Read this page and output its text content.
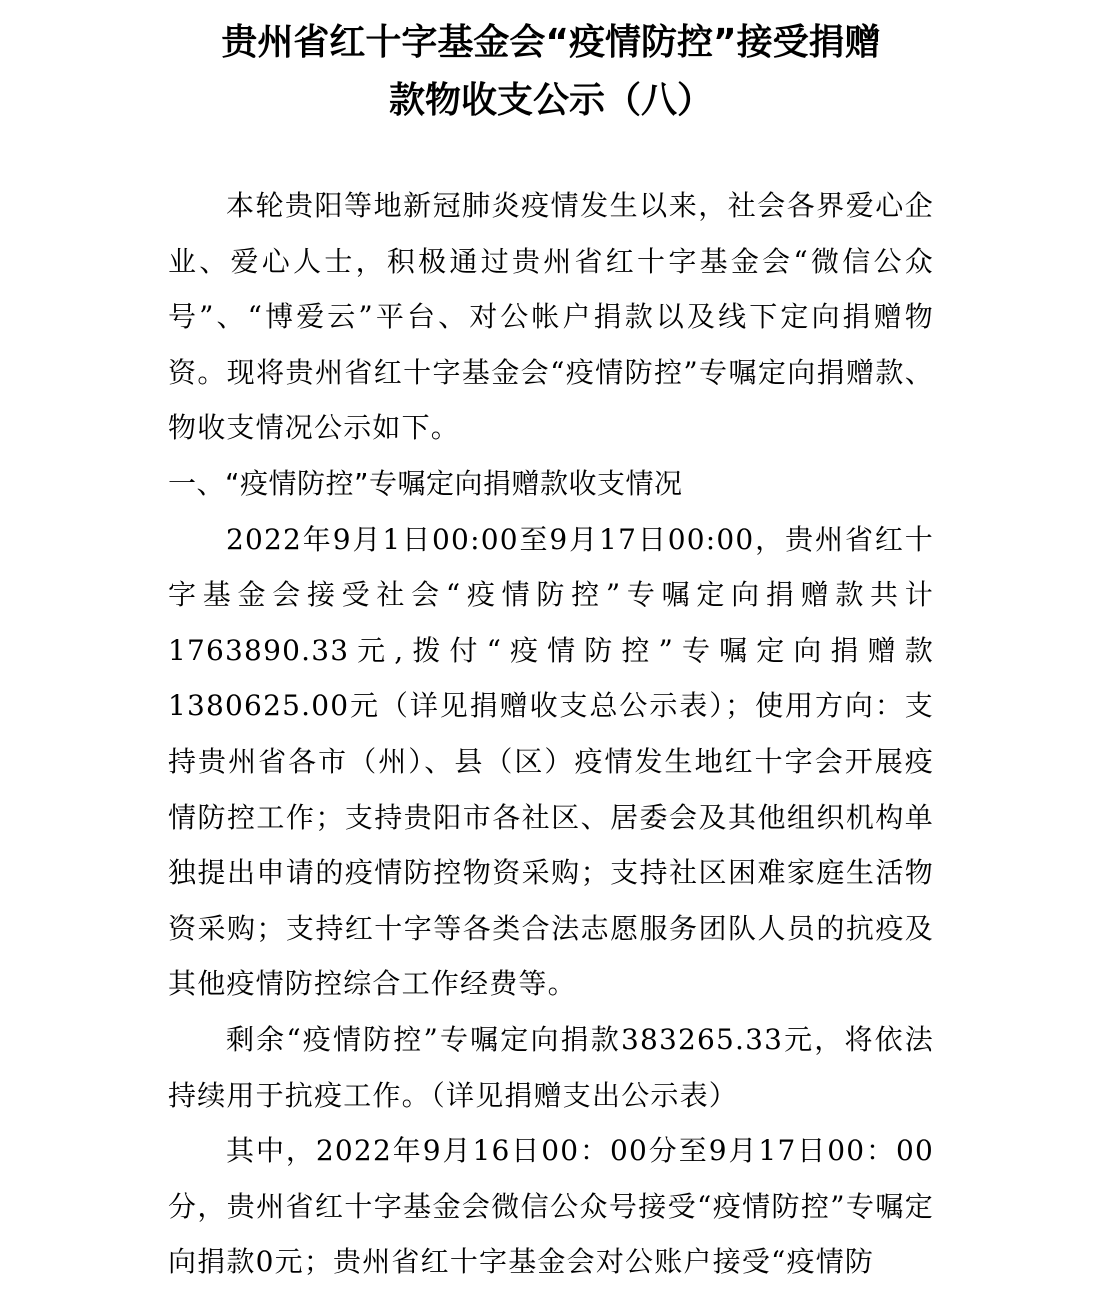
贵州省红十字基金会“疫情防控”接受捐赠
款物收支公示（八）

本轮贵阳等地新冠肺炎疫情发生以来，社会各界爱心企业、爱心人士，积极通过贵州省红十字基金会“微信公众号”、“博爱云”平台、对公帐户捐款以及线下定向捐赠物资。现将贵州省红十字基金会“疫情防控”专嘱定向捐赠款、物收支情况公示如下。

一、“疫情防控”专嘱定向捐赠款收支情况

2022年9月1日00:00至9月17日00:00，贵州省红十字基金会接受社会“疫情防控”专嘱定向捐赠款共计1763890.33元,拨付“疫情防控”专嘱定向捐赠款1380625.00元（详见捐赠收支总公示表）；使用方向：支持贵州省各市（州）、县（区）疫情发生地红十字会开展疫情防控工作；支持贵阳市各社区、居委会及其他组织机构单独提出申请的疫情防控物资采购；支持社区困难家庭生活物资采购；支持红十字等各类合法志愿服务团队人员的抗疫及其他疫情防控综合工作经费等。

剩余“疫情防控”专嘱定向捐款383265.33元，将依法持续用于抗疫工作。（详见捐赠支出公示表）

其中，2022年9月16日00：00分至9月17日00：00分，贵州省红十字基金会微信公众号接受“疫情防控”专嘱定向捐款0元；贵州省红十字基金会对公账户接受“疫情防
